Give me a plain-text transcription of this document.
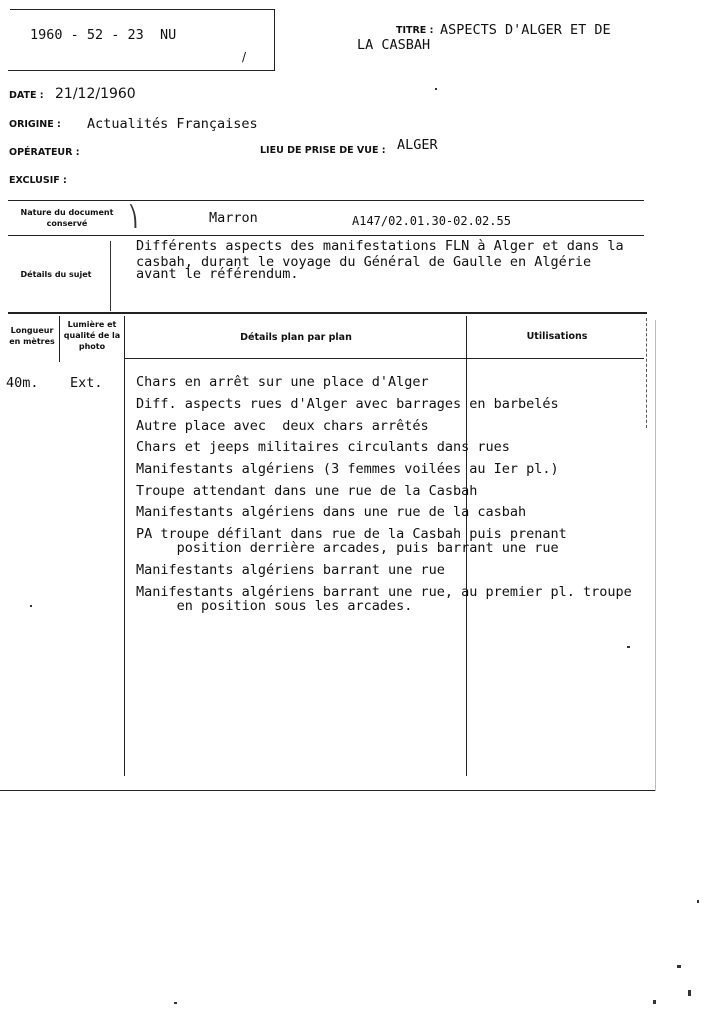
1960 - 52 - 23  NU
/
TITRE : ASPECTS D'ALGER ET DE
LA CASBAH
DATE : 21/12/1960
ORIGINE : Actualités Françaises
OPÉRATEUR :	LIEU DE PRISE DE VUE : ALGER
EXCLUSIF :
Nature du document conservé	⎞	Marron	A147/02.01.30-02.02.55
Détails du sujet
Différents aspects des manifestations FLN à Alger et dans la
casbah, durant le voyage du Général de Gaulle en Algérie
avant le référendum.
Longueur en mètres
Lumière et qualité de la photo
Détails plan par plan	Utilisations
40m. Ext. Chars en arrêt sur une place d'Alger
Diff. aspects rues d'Alger avec barrages en barbelés
Autre place avec  deux chars arrêtés
Chars et jeeps militaires circulants dans rues
Manifestants algériens (3 femmes voilées au Ier pl.)
Troupe attendant dans une rue de la Casbah
Manifestants algériens dans une rue de la casbah
PA troupe défilant dans rue de la Casbah puis prenant
position derrière arcades, puis barrant une rue
Manifestants algériens barrant une rue
Manifestants algériens barrant une rue, au premier pl. troupe
en position sous les arcades.
